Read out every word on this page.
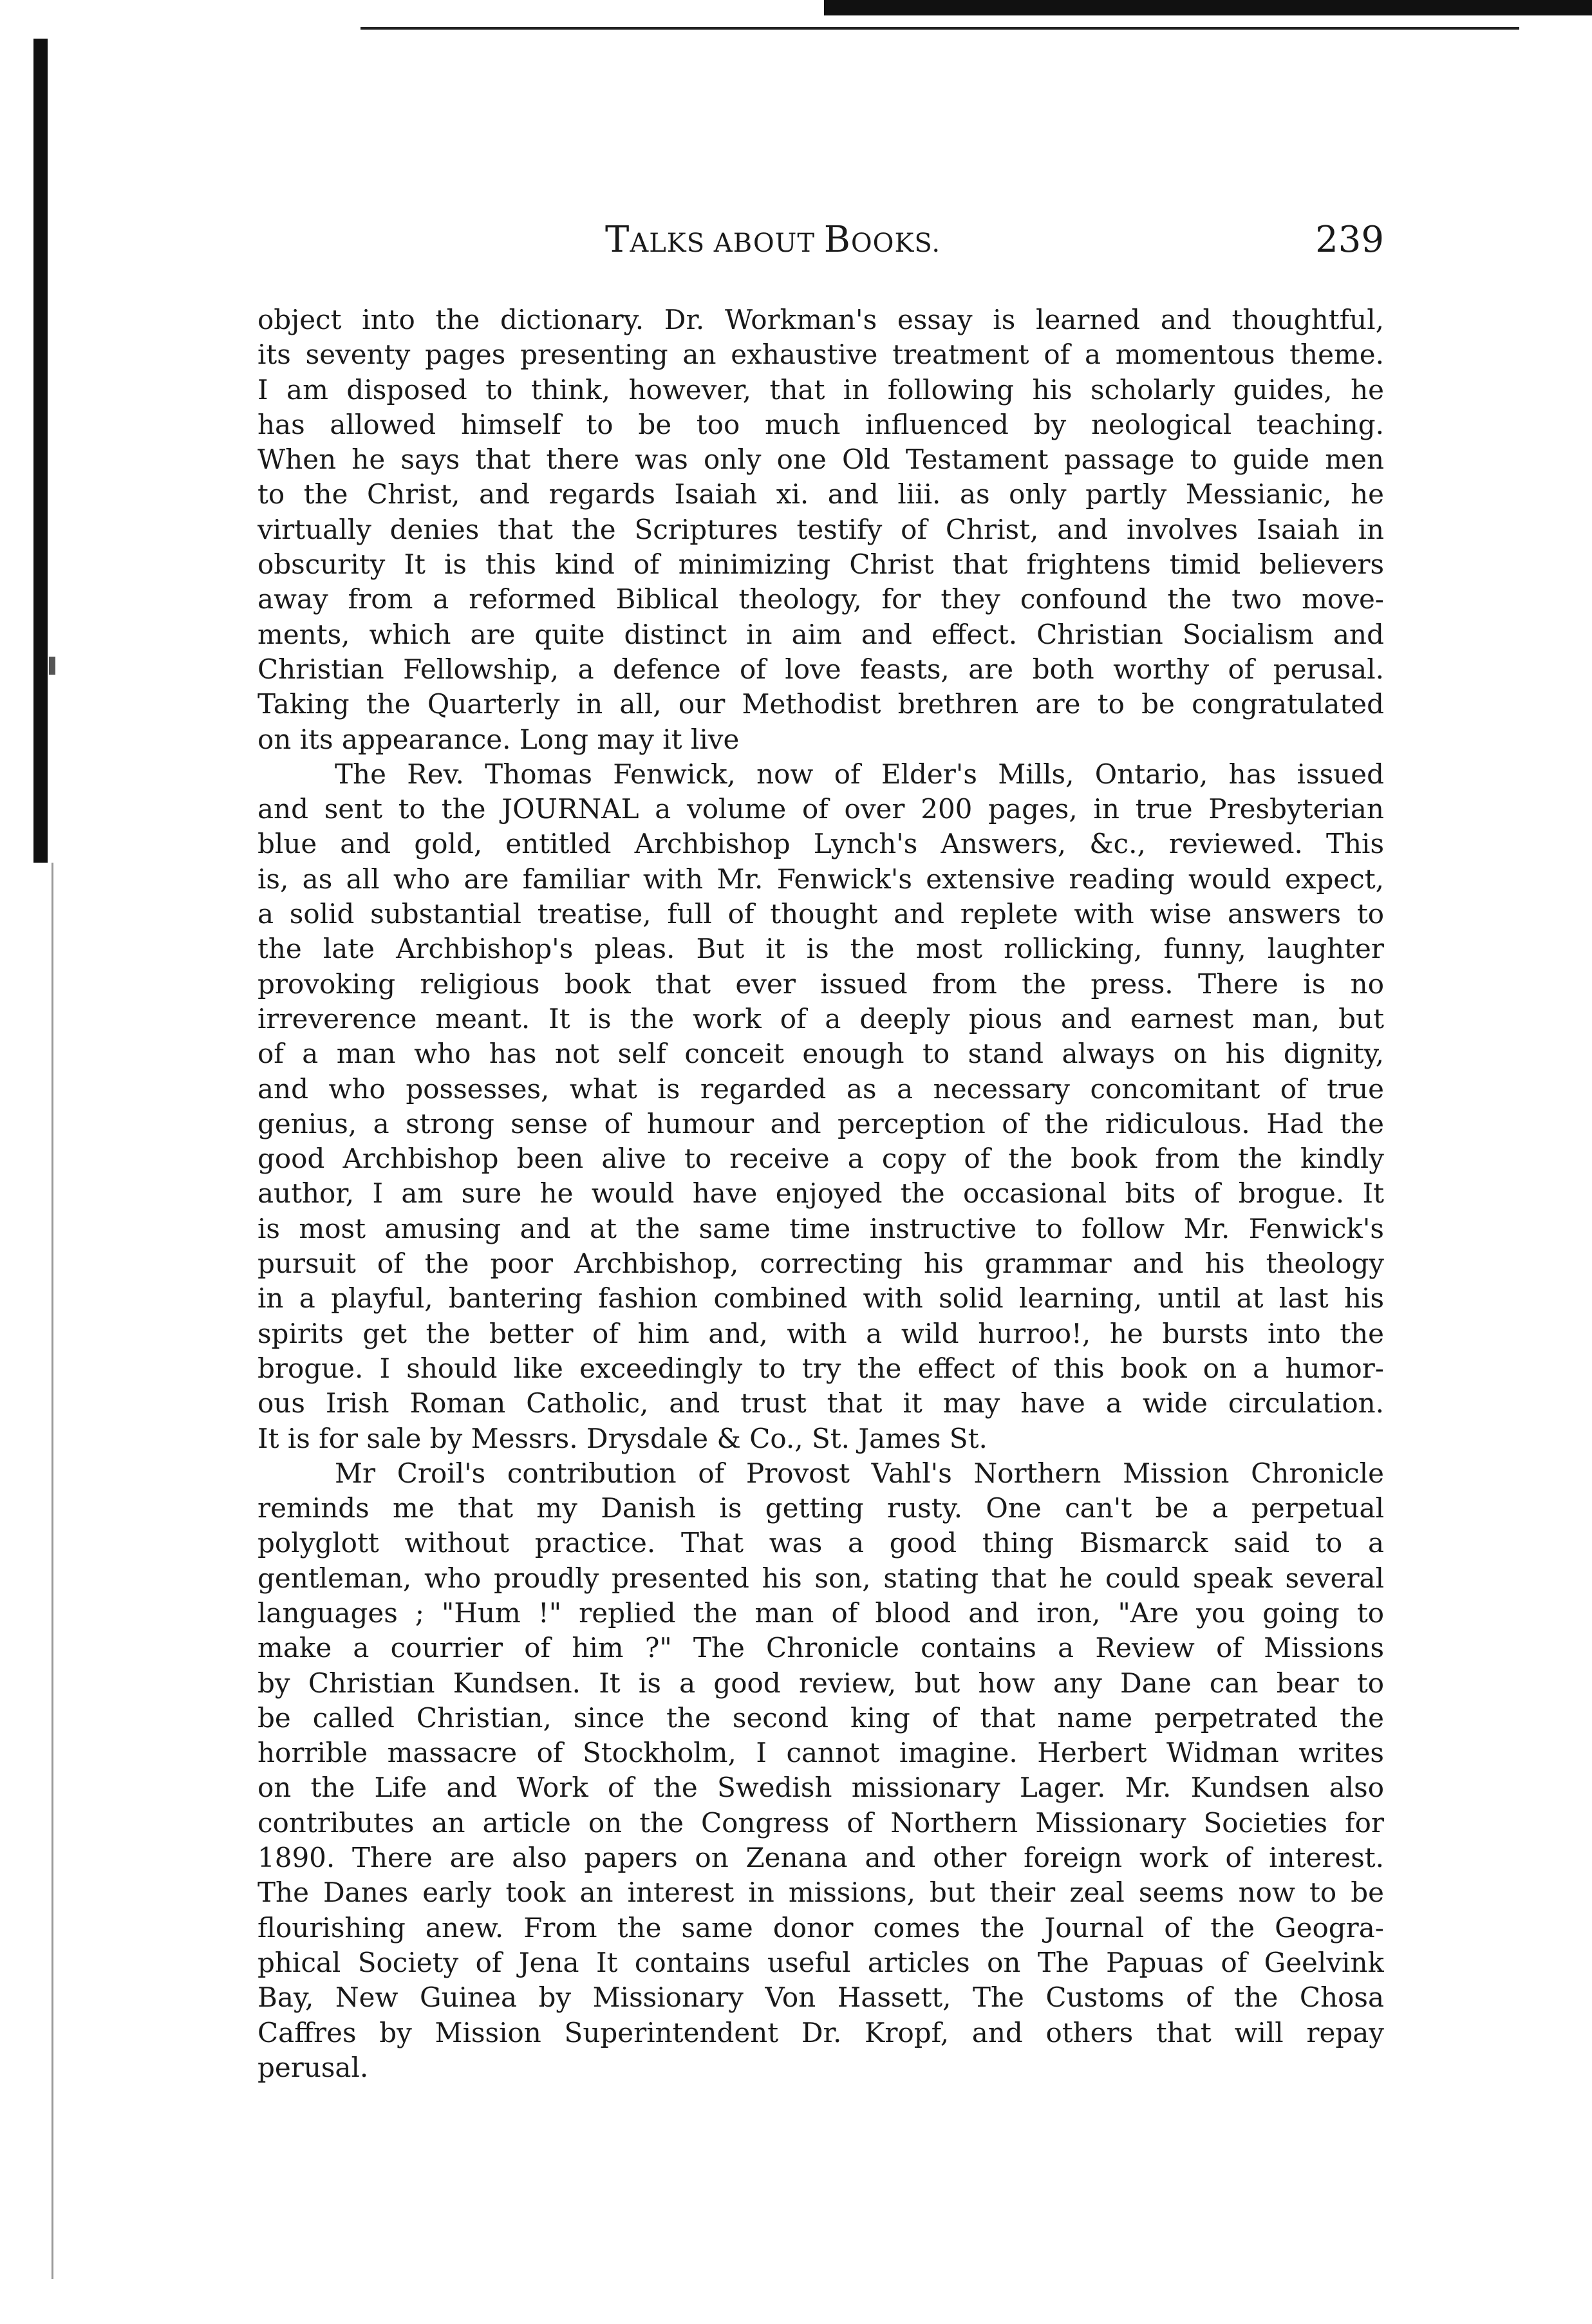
TALKS ABOUT BOOKS.	239
object into the dictionary. Dr. Workman's essay is learned and thoughtful,
its seventy pages presenting an exhaustive treatment of a momentous theme.
I am disposed to think, however, that in following his scholarly guides, he
has allowed himself to be too much influenced by neological teaching.
When he says that there was only one Old Testament passage to guide men
to the Christ, and regards Isaiah xi. and liii. as only partly Messianic, he
virtually denies that the Scriptures testify of Christ, and involves Isaiah in
obscurity It is this kind of minimizing Christ that frightens timid believers
away from a reformed Biblical theology, for they confound the two move-
ments, which are quite distinct in aim and effect. Christian Socialism and
Christian Fellowship, a defence of love feasts, are both worthy of perusal.
Taking the Quarterly in all, our Methodist brethren are to be congratulated
on its appearance. Long may it live
The Rev. Thomas Fenwick, now of Elder's Mills, Ontario, has issued
and sent to the JOURNAL a volume of over 200 pages, in true Presbyterian
blue and gold, entitled Archbishop Lynch's Answers, &c., reviewed. This
is, as all who are familiar with Mr. Fenwick's extensive reading would expect,
a solid substantial treatise, full of thought and replete with wise answers to
the late Archbishop's pleas. But it is the most rollicking, funny, laughter
provoking religious book that ever issued from the press. There is no
irreverence meant. It is the work of a deeply pious and earnest man, but
of a man who has not self conceit enough to stand always on his dignity,
and who possesses, what is regarded as a necessary concomitant of true
genius, a strong sense of humour and perception of the ridiculous. Had the
good Archbishop been alive to receive a copy of the book from the kindly
author, I am sure he would have enjoyed the occasional bits of brogue. It
is most amusing and at the same time instructive to follow Mr. Fenwick's
pursuit of the poor Archbishop, correcting his grammar and his theology
in a playful, bantering fashion combined with solid learning, until at last his
spirits get the better of him and, with a wild hurroo!, he bursts into the
brogue. I should like exceedingly to try the effect of this book on a humor-
ous Irish Roman Catholic, and trust that it may have a wide circulation.
It is for sale by Messrs. Drysdale & Co., St. James St.
Mr Croil's contribution of Provost Vahl's Northern Mission Chronicle
reminds me that my Danish is getting rusty. One can't be a perpetual
polyglott without practice. That was a good thing Bismarck said to a
gentleman, who proudly presented his son, stating that he could speak several
languages ; "Hum !" replied the man of blood and iron, "Are you going to
make a courrier of him ?" The Chronicle contains a Review of Missions
by Christian Kundsen. It is a good review, but how any Dane can bear to
be called Christian, since the second king of that name perpetrated the
horrible massacre of Stockholm, I cannot imagine. Herbert Widman writes
on the Life and Work of the Swedish missionary Lager. Mr. Kundsen also
contributes an article on the Congress of Northern Missionary Societies for
1890. There are also papers on Zenana and other foreign work of interest.
The Danes early took an interest in missions, but their zeal seems now to be
flourishing anew. From the same donor comes the Journal of the Geogra-
phical Society of Jena It contains useful articles on The Papuas of Geelvink
Bay, New Guinea by Missionary Von Hassett, The Customs of the Chosa
Caffres by Mission Superintendent Dr. Kropf, and others that will repay
perusal.
